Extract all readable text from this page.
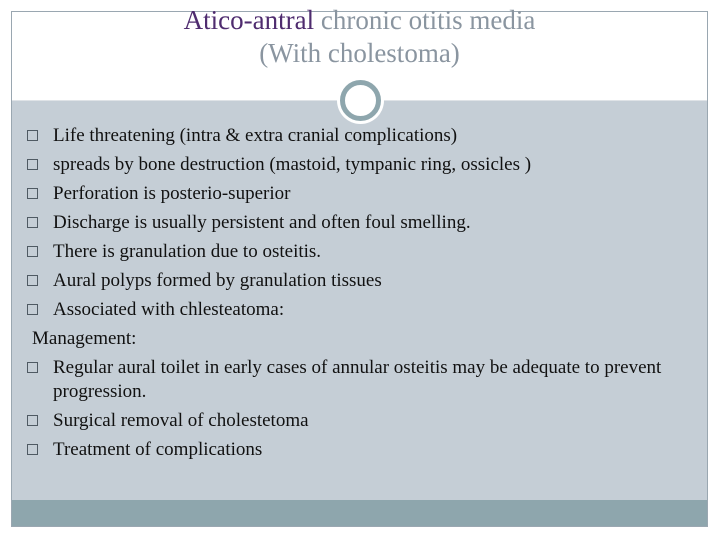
Atico-antral chronic otitis media
(With cholestoma)
Life threatening (intra & extra cranial complications)
spreads by bone destruction (mastoid, tympanic ring, ossicles )
Perforation is posterio-superior
Discharge is usually persistent and often foul smelling.
There is granulation due to osteitis.
Aural polyps formed by granulation tissues
Associated with chlesteatoma:
Management:
Regular aural toilet in early cases of annular osteitis may be adequate to prevent progression.
Surgical removal of cholestetoma
Treatment of complications
